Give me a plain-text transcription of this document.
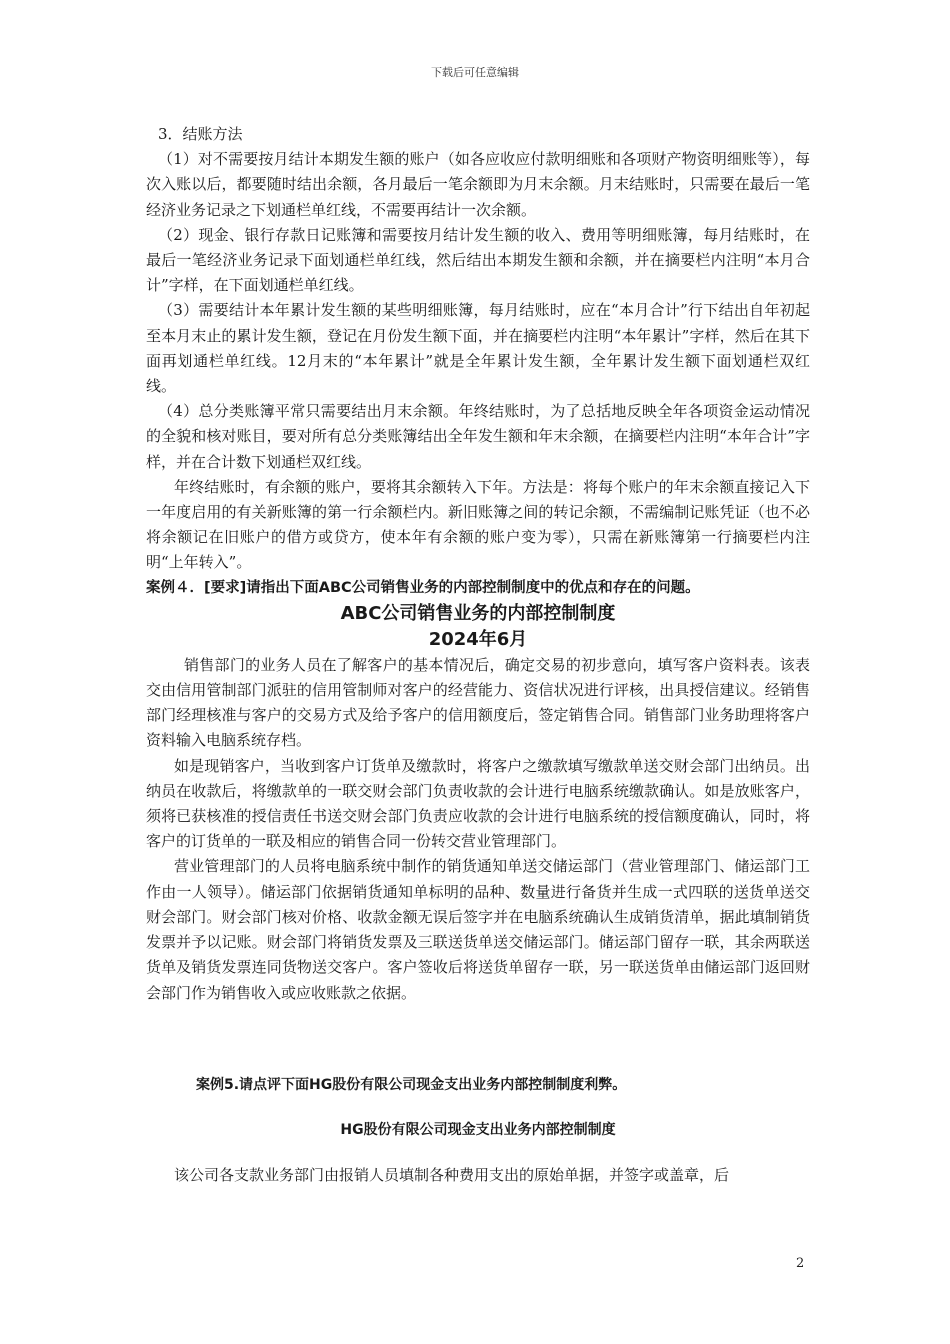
下载后可任意编辑

3．结账方法

（1）对不需要按月结计本期发生额的账户（如各应收应付款明细账和各项财产物资明细账等），每次入账以后，都要随时结出余额，各月最后一笔余额即为月末余额。月末结账时，只需要在最后一笔经济业务记录之下划通栏单红线，不需要再结计一次余额。

（2）现金、银行存款日记账簿和需要按月结计发生额的收入、费用等明细账簿，每月结账时，在最后一笔经济业务记录下面划通栏单红线，然后结出本期发生额和余额，并在摘要栏内注明“本月合计”字样，在下面划通栏单红线。

（3）需要结计本年累计发生额的某些明细账簿，每月结账时，应在“本月合计”行下结出自年初起至本月末止的累计发生额，登记在月份发生额下面，并在摘要栏内注明“本年累计”字样，然后在其下面再划通栏单红线。12月末的“本年累计”就是全年累计发生额，全年累计发生额下面划通栏双红线。

（4）总分类账簿平常只需要结出月末余额。年终结账时，为了总括地反映全年各项资金运动情况的全貌和核对账目，要对所有总分类账簿结出全年发生额和年末余额，在摘要栏内注明“本年合计”字样，并在合计数下划通栏双红线。

年终结账时，有余额的账户，要将其余额转入下年。方法是：将每个账户的年末余额直接记入下一年度启用的有关新账簿的第一行余额栏内。新旧账簿之间的转记余额，不需编制记账凭证（也不必将余额记在旧账户的借方或贷方，使本年有余额的账户变为零），只需在新账簿第一行摘要栏内注明“上年转入”。

案例４．[要求]请指出下面ABC公司销售业务的内部控制制度中的优点和存在的问题。

ABC公司销售业务的内部控制制度

2024年6月

销售部门的业务人员在了解客户的基本情况后，确定交易的初步意向，填写客户资料表。该表交由信用管制部门派驻的信用管制师对客户的经营能力、资信状况进行评核，出具授信建议。经销售部门经理核准与客户的交易方式及给予客户的信用额度后，签定销售合同。销售部门业务助理将客户资料输入电脑系统存档。

如是现销客户，当收到客户订货单及缴款时，将客户之缴款填写缴款单送交财会部门出纳员。出纳员在收款后，将缴款单的一联交财会部门负责收款的会计进行电脑系统缴款确认。如是放账客户，须将已获核准的授信责任书送交财会部门负责应收款的会计进行电脑系统的授信额度确认，同时，将客户的订货单的一联及相应的销售合同一份转交营业管理部门。

营业管理部门的人员将电脑系统中制作的销货通知单送交储运部门（营业管理部门、储运部门工作由一人领导）。储运部门依据销货通知单标明的品种、数量进行备货并生成一式四联的送货单送交财会部门。财会部门核对价格、收款金额无误后签字并在电脑系统确认生成销货清单，据此填制销货发票并予以记账。财会部门将销货发票及三联送货单送交储运部门。储运部门留存一联，其余两联送货单及销货发票连同货物送交客户。客户签收后将送货单留存一联，另一联送货单由储运部门返回财会部门作为销售收入或应收账款之依据。

案例5.请点评下面HG股份有限公司现金支出业务内部控制制度利弊。

HG股份有限公司现金支出业务内部控制制度

该公司各支款业务部门由报销人员填制各种费用支出的原始单据，并签字或盖章，后

2
